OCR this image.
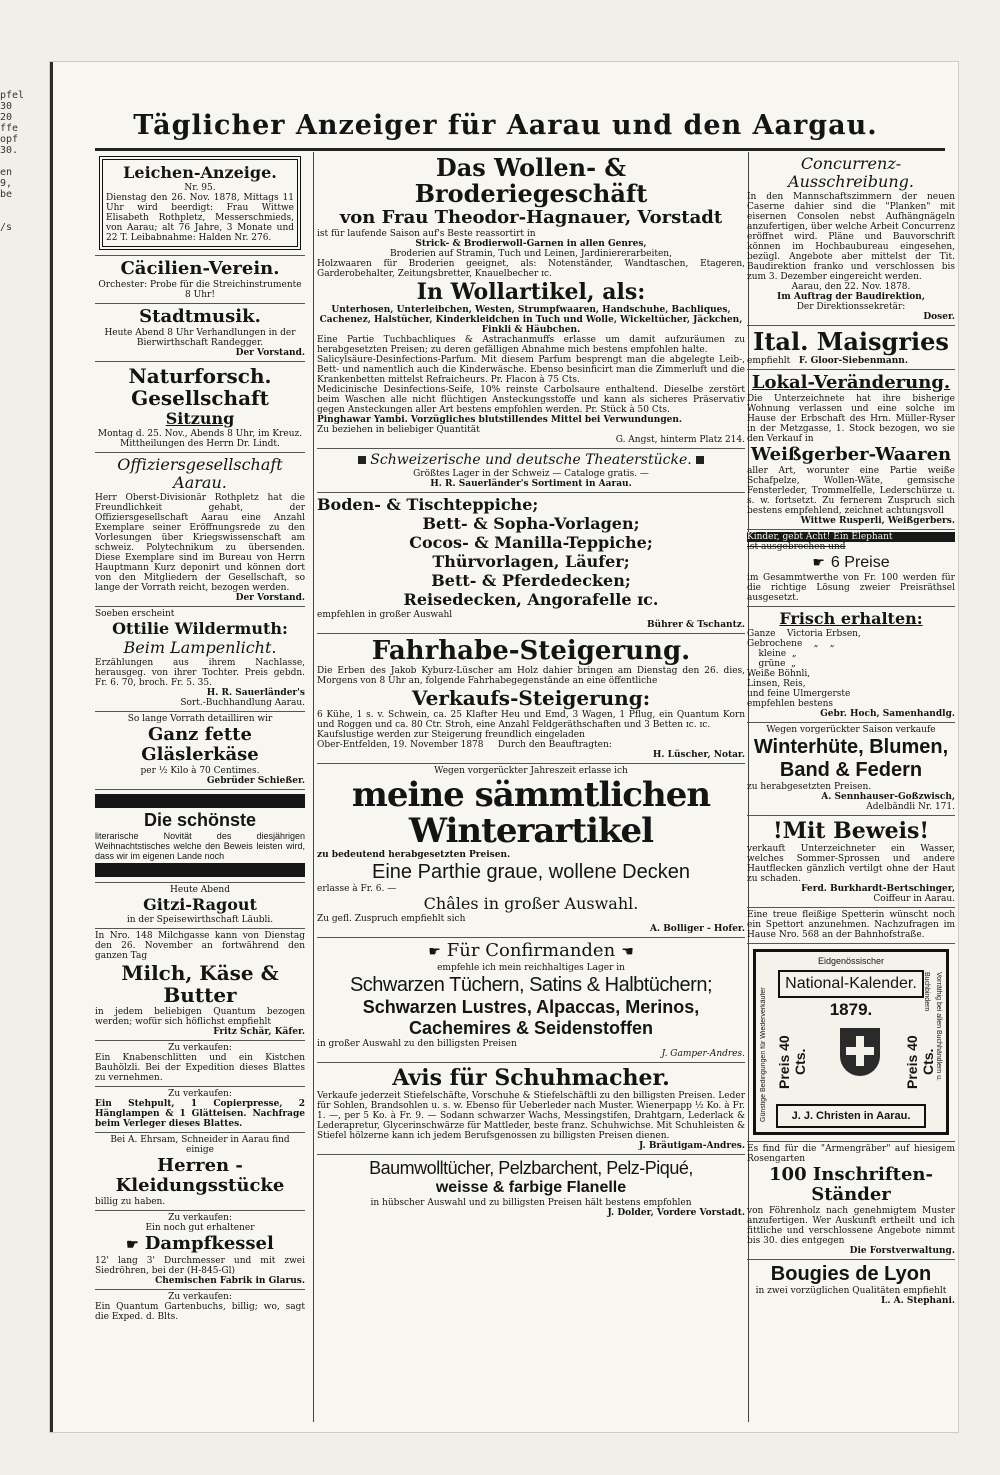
pfel
30
20
ffe
opf
30.

en
9,
be

/s
Täglicher Anzeiger für Aarau und den Aargau.
Leichen-Anzeige.

Nr. 95.

Dienstag den 26. Nov. 1878, Mittags 11 Uhr wird beerdigt: Frau Wittwe Elisabeth Rothpletz, Messerschmieds, von Aarau; alt 76 Jahre, 3 Monate und 22 T. Leibabnahme: Halden Nr. 276.

Cäcilien-Verein.

Orchester: Probe für die Streichinstrumente 8 Uhr!

Stadtmusik.

Heute Abend 8 Uhr Verhandlungen in der Bierwirthschaft Randegger.

Der Vorstand.

Naturforsch. Gesellschaft
Sitzung

Montag d. 25. Nov., Abends 8 Uhr, im Kreuz. Mittheilungen des Herrn Dr. Lindt.

Offiziersgesellschaft Aarau.

Herr Oberst-Divisionär Rothpletz hat die Freundlichkeit gehabt, der Offiziersgesellschaft Aarau eine Anzahl Exemplare seiner Eröffnungsrede zu den Vorlesungen über Kriegswissenschaft am schweiz. Polytechnikum zu übersenden. Diese Exemplare sind im Bureau von Herrn Hauptmann Kurz deponirt und können dort von den Mitgliedern der Gesellschaft, so lange der Vorrath reicht, bezogen werden.

Der Vorstand.

Soeben erscheint

Ottilie Wildermuth:
Beim Lampenlicht.

Erzählungen aus ihrem Nachlasse, herausgeg. von ihrer Tochter. Preis gebdn. Fr. 6. 70, broch. Fr. 5. 35.

H. R. Sauerländer's

Sort.-Buchhandlung Aarau.

So lange Vorrath detailliren wir

Ganz fette Gläslerkäse

per ½ Kilo à 70 Centimes.

Gebrüder Schießer.

Die schönste

literarische Novität des diesjährigen Weihnachtstisches welche den Beweis leisten wird, dass wir im eigenen Lande noch

Heute Abend

Gitzi-Ragout

in der Speisewirthschaft Läubli.

In Nro. 148 Milchgasse kann von Dienstag den 26. November an fortwährend den ganzen Tag

Milch, Käse & Butter

in jedem beliebigen Quantum bezogen werden; wofür sich höflichst empfiehlt

Fritz Schär, Käfer.

Zu verkaufen:

Ein Knabenschlitten und ein Kistchen Bauhölzli. Bei der Expedition dieses Blattes zu vernehmen.

Zu verkaufen:

Ein Stehpult, 1 Copierpresse, 2 Hänglampen & 1 Glätteisen. Nachfrage beim Verleger dieses Blattes.

Bei A. Ehrsam, Schneider in Aarau find einige

Herren - Kleidungsstücke

billig zu haben.

Zu verkaufen:

Ein noch gut erhaltener

☛ Dampfkessel

12' lang 3' Durchmesser und mit zwei Siedröhren, bei der (H-845-Gl)

Chemischen Fabrik in Glarus.

Zu verkaufen:

Ein Quantum Gartenbuchs, billig; wo, sagt die Exped. d. Blts.

Das Wollen- & Broderiegeschäft
von Frau Theodor-Hagnauer, Vorstadt

ist für laufende Saison auf's Beste reassortirt in

Strick- & Brodierwoll-Garnen in allen Genres,

Broderien auf Stramin, Tuch und Leinen, Jardiniererarbeiten,

Holzwaaren für Broderien geeignet, als: Notenständer, Wandtaschen, Etageren, Garderobehalter, Zeitungsbretter, Knauelbecher ɪc.

In Wollartikel, als:

Unterhosen, Unterleibchen, Westen, Strumpfwaaren, Handschuhe, Bachliques, Cachenez, Halstücher, Kinderkleidchen in Tuch und Wolle, Wickeltücher, Jäckchen, Finkli & Häubchen.

Eine Partie Tuchbachliques & Astrachanmuffs erlasse um damit aufzuräumen zu herabgesetzten Preisen; zu deren gefälligen Abnahme mich bestens empfohlen halte.

Salicylsäure-Desinfections-Parfum. Mit diesem Parfum besprengt man die abgelegte Leib-, Bett- und namentlich auch die Kinderwäsche. Ebenso besinficirt man die Zimmerluft und die Krankenbetten mittelst Refraicheurs. Pr. Flacon à 75 Cts.

Medicinische Desinfections-Seife, 10% reinste Carbolsaure enthaltend. Dieselbe zerstört beim Waschen alle nicht flüchtigen Ansteckungsstoffe und kann als sicheres Präservativ gegen Ansteckungen aller Art bestens empfohlen werden. Pr. Stück à 50 Cts.

Pinghawar Yambi. Vorzügliches blutstillendes Mittel bei Verwundungen.

Zu beziehen in beliebiger Quantität

G. Angst, hinterm Platz 214.

Schweizerische und deutsche Theaterstücke.

Größtes Lager in der Schweiz — Cataloge gratis. —

H. R. Sauerländer's Sortiment in Aarau.

Boden- & Tischteppiche;
Bett- & Sopha-Vorlagen;
Cocos- & Manilla-Teppiche;
Thürvorlagen, Läufer;
Bett- & Pferdedecken;
Reisedecken, Angorafelle ɪc.

empfehlen in großer Auswahl

Bührer & Tschantz.

Fahrhabe-Steigerung.

Die Erben des Jakob Kyburz-Lüscher am Holz dahier bringen am Dienstag den 26. dies, Morgens von 8 Uhr an, folgende Fahrhabegegenstände an eine öffentliche

Verkaufs-Steigerung:

6 Kühe, 1 s. v. Schwein, ca. 25 Klafter Heu und Emd, 3 Wagen, 1 Pflug, ein Quantum Korn und Roggen und ca. 80 Ctr. Stroh, eine Anzahl Feldgeräthschaften und 3 Betten ɪc. ɪc.

Kaufslustige werden zur Steigerung freundlich eingeladen

Ober-Entfelden, 19. November 1878 Durch den Beauftragten:

H. Lüscher, Notar.

Wegen vorgerückter Jahreszeit erlasse ich

meine sämmtlichen Winterartikel

zu bedeutend herabgesetzten Preisen.

Eine Parthie graue, wollene Decken

erlasse à Fr. 6. —

Châles in großer Auswahl.

Zu gefl. Zuspruch empfiehlt sich

A. Bolliger - Hofer.

☛ Für Confirmanden ☚

empfehle ich mein reichhaltiges Lager in

Schwarzen Tüchern, Satins & Halbtüchern;
Schwarzen Lustres, Alpaccas, Merinos,
Cachemires & Seidenstoffen

in großer Auswahl zu den billigsten Preisen

J. Gamper-Andres.

Avis für Schuhmacher.

Verkaufe jederzeit Stiefelschäfte, Vorschuhe & Stiefelschäftli zu den billigsten Preisen. Leder für Sohlen, Brandsohlen u. s. w. Ebenso für Ueberleder nach Muster. Wienerpapp ½ Ko. à Fr. 1. —, per 5 Ko. à Fr. 9. — Sodann schwarzer Wachs, Messingstifen, Drahtgarn, Lederlack & Lederapretur, Glycerinschwärze für Mattleder, beste franz. Schuhwichse. Mit Schuhleisten & Stiefel hölzerne kann ich jedem Berufsgenossen zu billigsten Preisen dienen.

J. Bräutigam-Andres.

Baumwolltücher, Pelzbarchent, Pelz-Piqué,
weisse & farbige Flanelle

in hübscher Auswahl und zu billigsten Preisen hält bestens empfohlen

J. Dolder, Vordere Vorstadt.

Concurrenz-Ausschreibung.

In den Mannschaftszimmern der neuen Caserne dahier sind die "Planken" mit eisernen Consolen nebst Aufhängnägeln anzufertigen, über welche Arbeit Concurrenz eröffnet wird. Pläne und Bauvorschrift können im Hochbaubureau eingesehen, bezügl. Angebote aber mittelst der Tit. Baudirektion franko und verschlossen bis zum 3. Dezember eingereicht werden.

Aarau, den 22. Nov. 1878.

Im Auftrag der Baudirektion,

Der Direktionssekretär:

Doser.

Ital. Maisgries

empfiehlt F. Gloor-Siebenmann.

Lokal-Veränderung.

Die Unterzeichnete hat ihre bisherige Wohnung verlassen und eine solche im Hause der Erbschaft des Hrn. Müller-Ryser in der Metzgasse, 1. Stock bezogen, wo sie den Verkauf in

Weißgerber-Waaren

aller Art, worunter eine Partie weiße Schafpelze, Wollen-Wäte, gemsische Fensterleder, Trommelfelle, Lederschürze u. s. w. fortsetzt. Zu fernerem Zuspruch sich bestens empfehlend, zeichnet achtungsvoll

Wittwe Rusperli, Weißgerbers.

Kinder, gebt Acht! Ein Elephant

ist ausgebrochen und

☛ 6 Preise

im Gesammtwerthe von Fr. 100 werden für die richtige Lösung zweier Preisräthsel ausgesetzt.

Frisch erhalten:

Ganze    Victoria Erbsen,

Gebrochene    „    „

kleine  „

grüne  „

Weiße Böhnli,

Linsen, Reis,

und feine Ulmergerste

empfehlen bestens

Gebr. Hoch, Samenhandlg.

Wegen vorgerückter Saison verkaufe

Winterhüte, Blumen,
Band & Federn

zu herabgesetzten Preisen.

A. Sennhauser-Goßzwisch,

Adelbändli Nr. 171.

!Mit Beweis!

verkauft Unterzeichneter ein Wasser, welches Sommer-Sprossen und andere Hautflecken gänzlich vertilgt ohne der Haut zu schaden.

Ferd. Burkhardt-Bertschinger,

Coiffeur in Aarau.

Eine treue fleißige Spetterin wünscht noch ein Spettort anzunehmen. Nachzufragen im Hause Nro. 568 an der Bahnhofstraße.

Günstige Bedingungen für Wiederverkäufer	Vorräthig bei allen Buchhändlern u. Buchbindern
Eidgenössischer
National-Kalender.
1879.
Preis 40 Cts.	Preis 40 Cts.
J. J. Christen in Aarau.

Es find für die "Armengräber" auf hiesigem Rosengarten

100 Inschriften-Ständer

von Föhrenholz nach genehmigtem Muster anzufertigen. Wer Auskunft ertheilt und ich fittliche und verschlossene Angebote nimmt bis 30. dies entgegen

Die Forstverwaltung.

Bougies de Lyon

in zwei vorzüglichen Qualitäten empfiehlt

L. A. Stephani.
